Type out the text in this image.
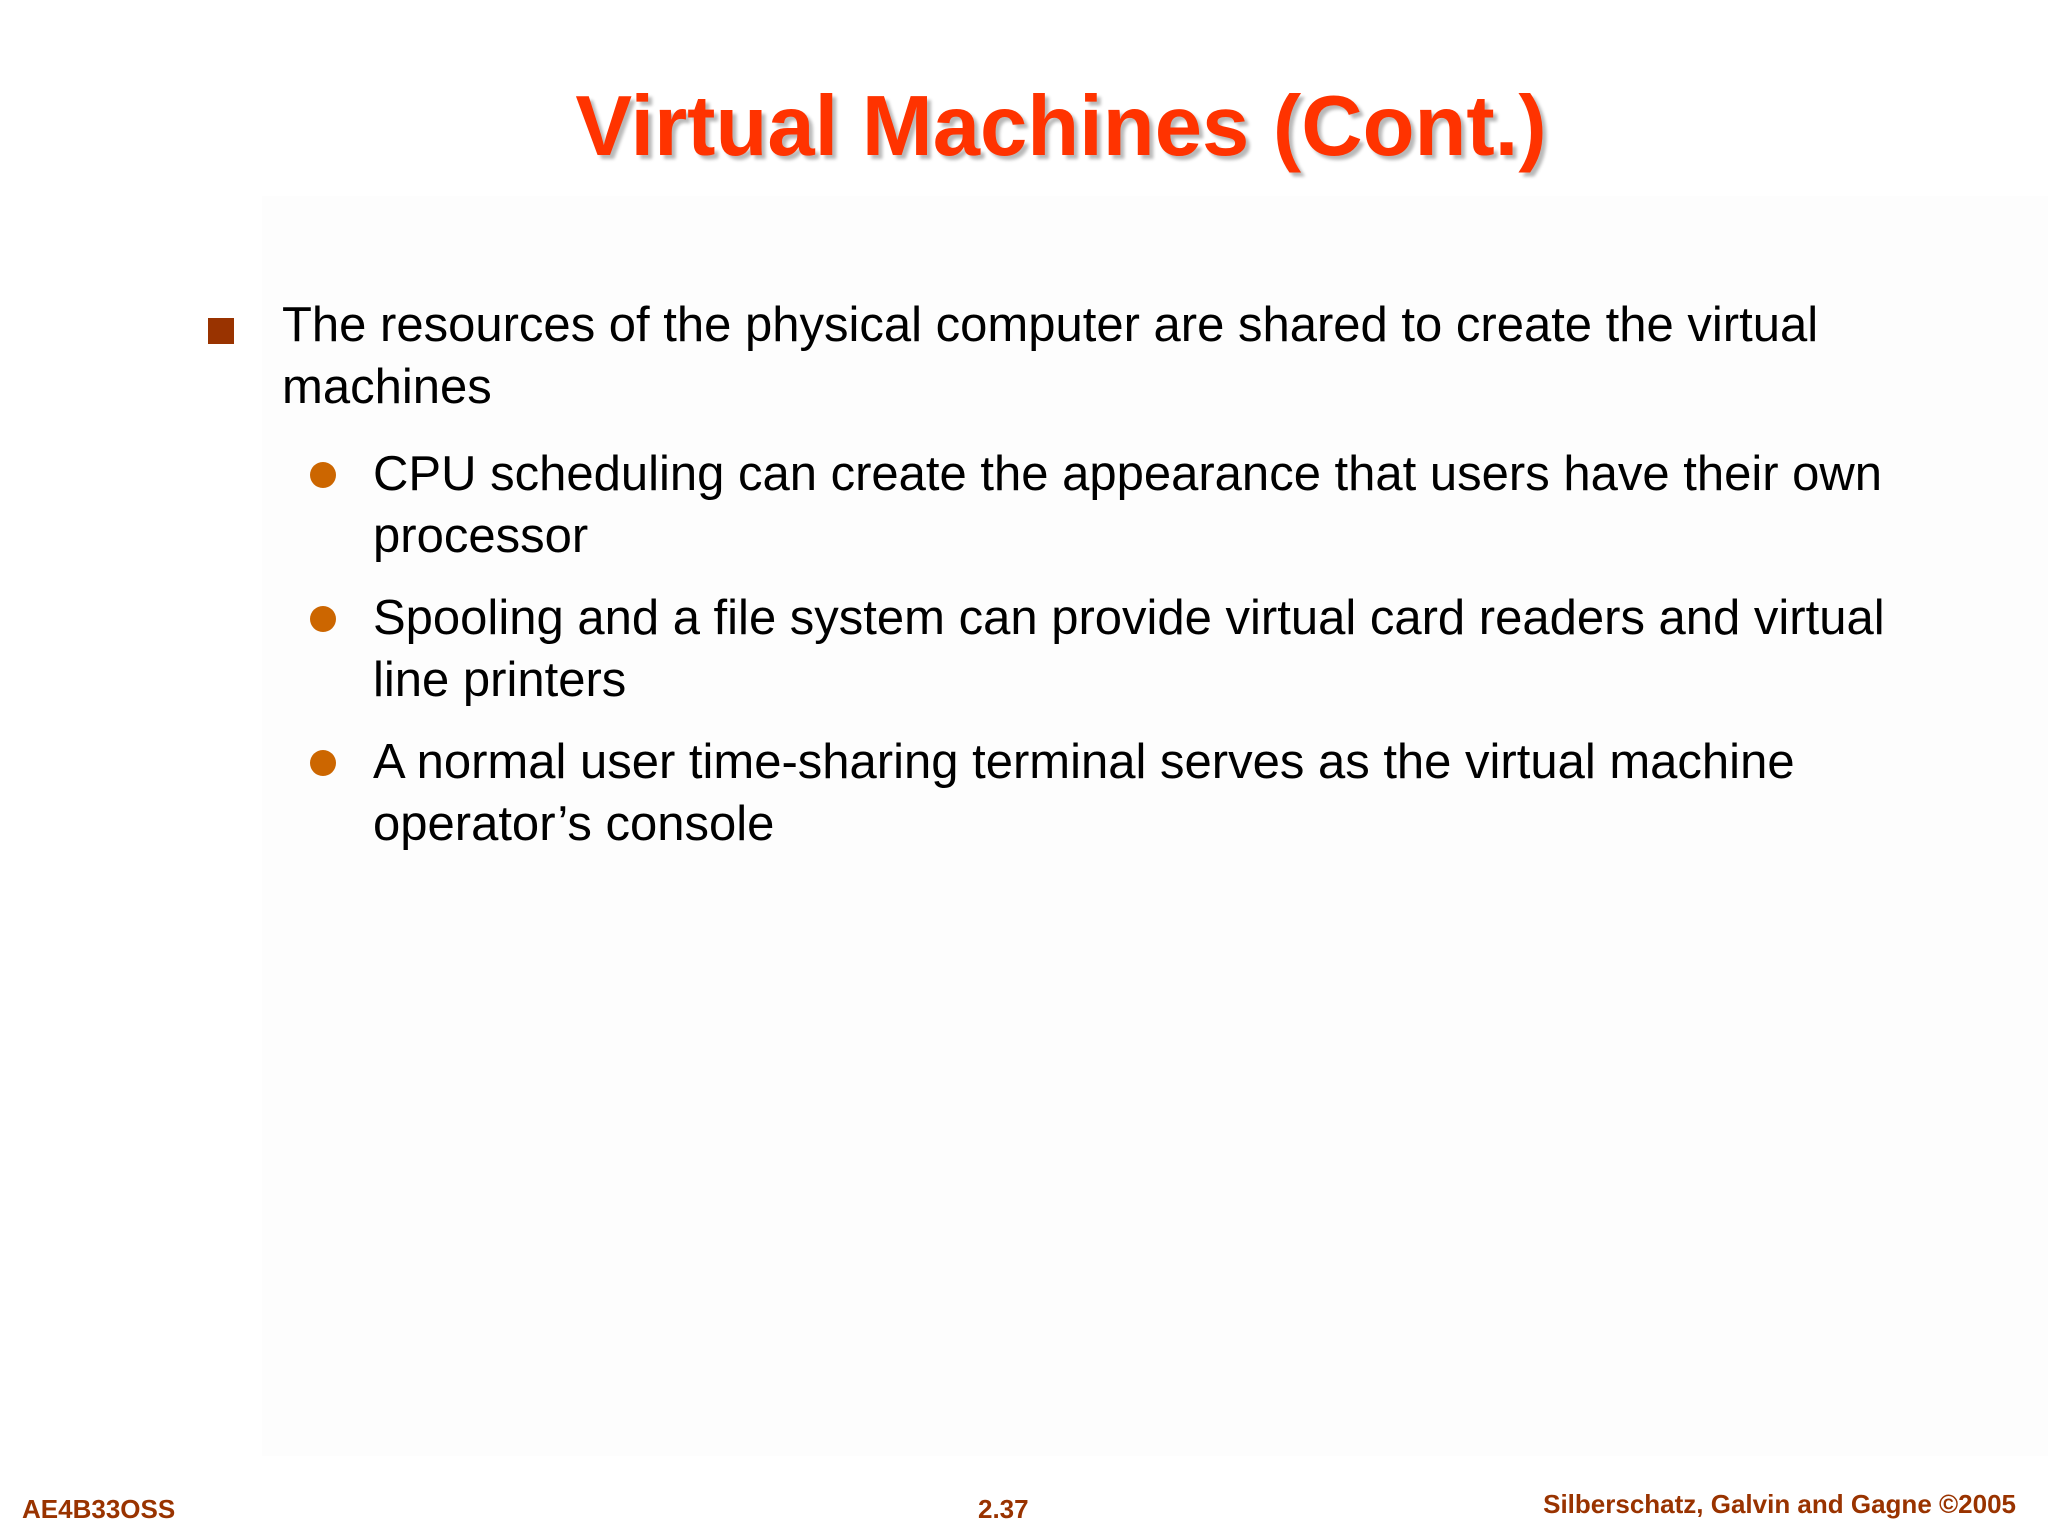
Virtual Machines (Cont.)
The resources of the physical computer are shared to create the virtual machines
CPU scheduling can create the appearance that users have their own processor
Spooling and a file system can provide virtual card readers and virtual line printers
A normal user time-sharing terminal serves as the virtual machine operator’s console
AE4B33OSS	2.37	Silberschatz, Galvin and Gagne ©2005
